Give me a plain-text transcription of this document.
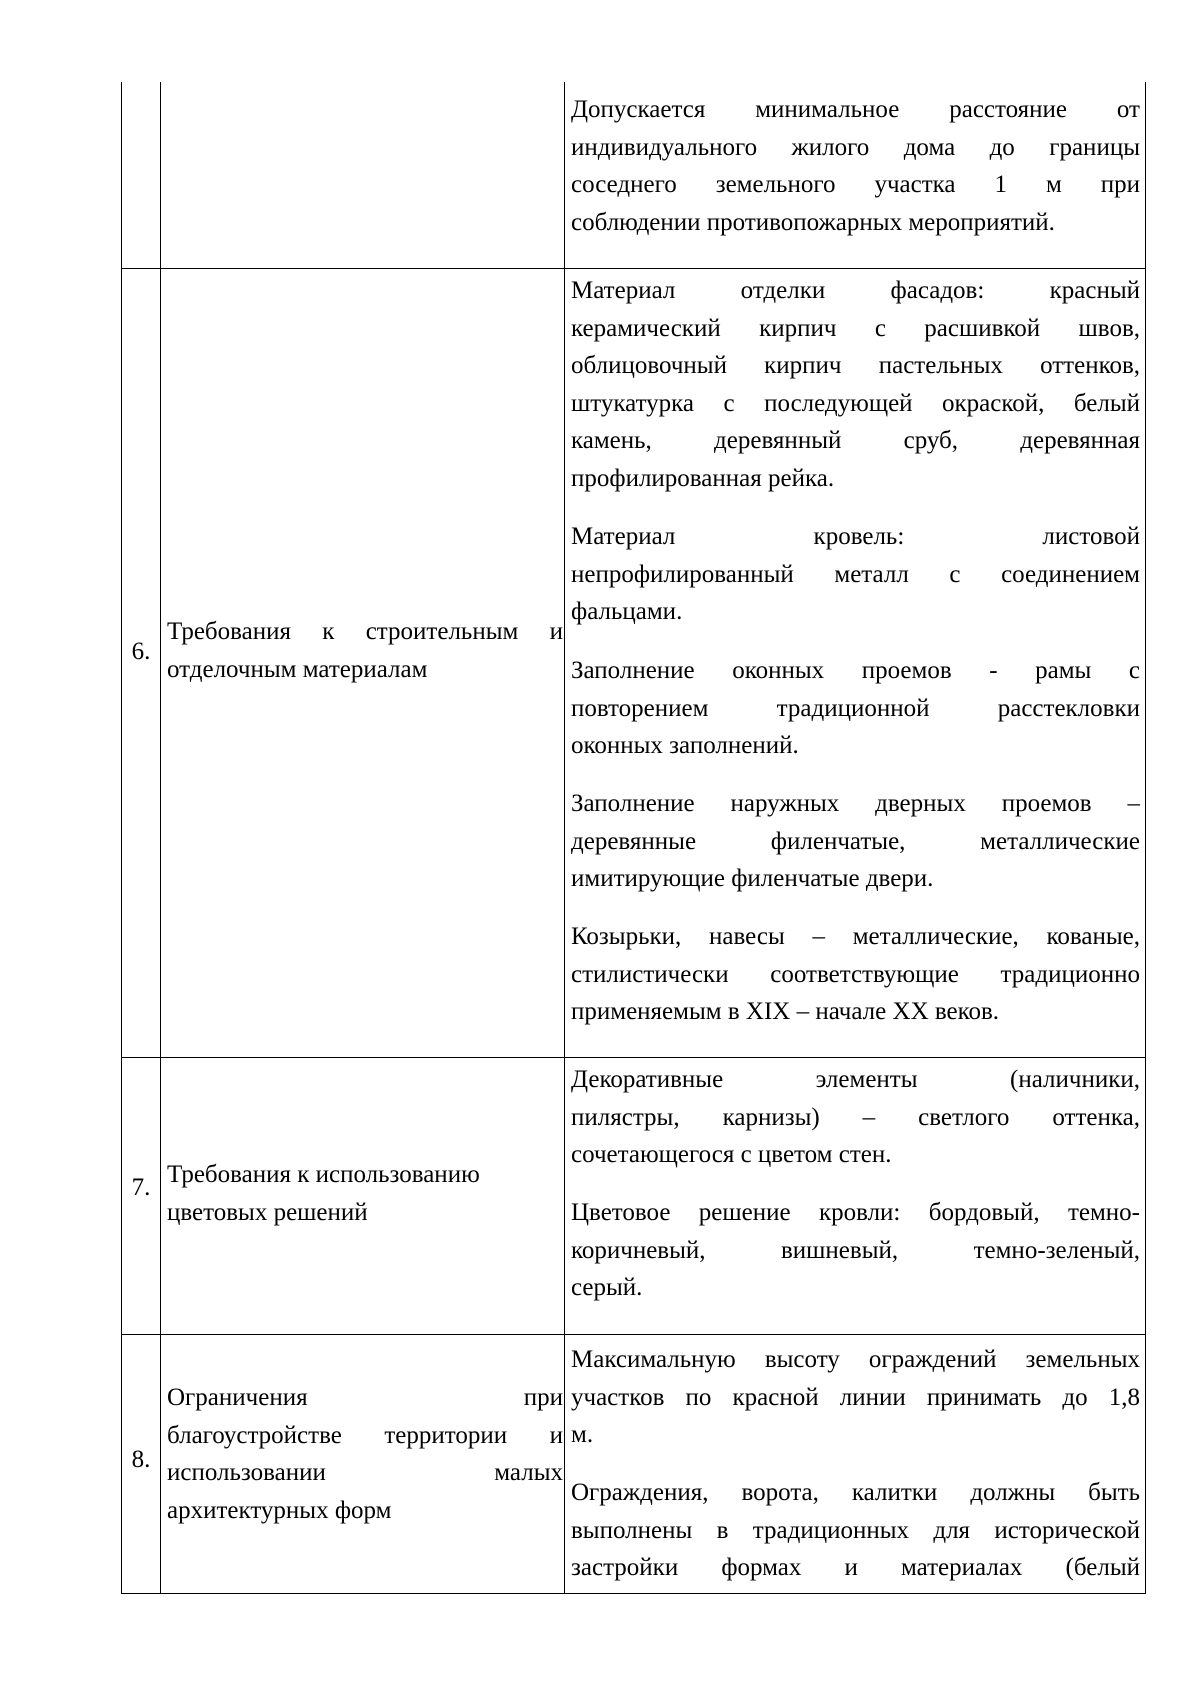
Допускается минимальное расстояние от
индивидуального жилого дома до границы
соседнего земельного участка 1 м при
соблюдении противопожарных мероприятий.
6.
Требования к строительным и
отделочным материалам
Материал отделки фасадов: красный
керамический кирпич с расшивкой швов,
облицовочный кирпич пастельных оттенков,
штукатурка с последующей окраской, белый
камень, деревянный сруб, деревянная
профилированная рейка.
Материал кровель: листовой
непрофилированный металл с соединением
фальцами.
Заполнение оконных проемов - рамы с
повторением традиционной расстекловки
оконных заполнений.
Заполнение наружных дверных проемов –
деревянные филенчатые, металлические
имитирующие филенчатые двери.
Козырьки, навесы – металлические, кованые,
стилистически соответствующие традиционно
применяемым в XIX – начале XX веков.
7. Требования к использованию
цветовых решений
Декоративные элементы (наличники,
пилястры, карнизы) – светлого оттенка,
сочетающегося с цветом стен.
Цветовое решение кровли: бордовый, темно-
коричневый, вишневый, темно-зеленый,
серый.
8.
Ограничения при
благоустройстве территории и
использовании малых
архитектурных форм
Максимальную высоту ограждений земельных
участков по красной линии принимать до 1,8
м.
Ограждения, ворота, калитки должны быть
выполнены в традиционных для исторической
застройки формах и материалах (белый
